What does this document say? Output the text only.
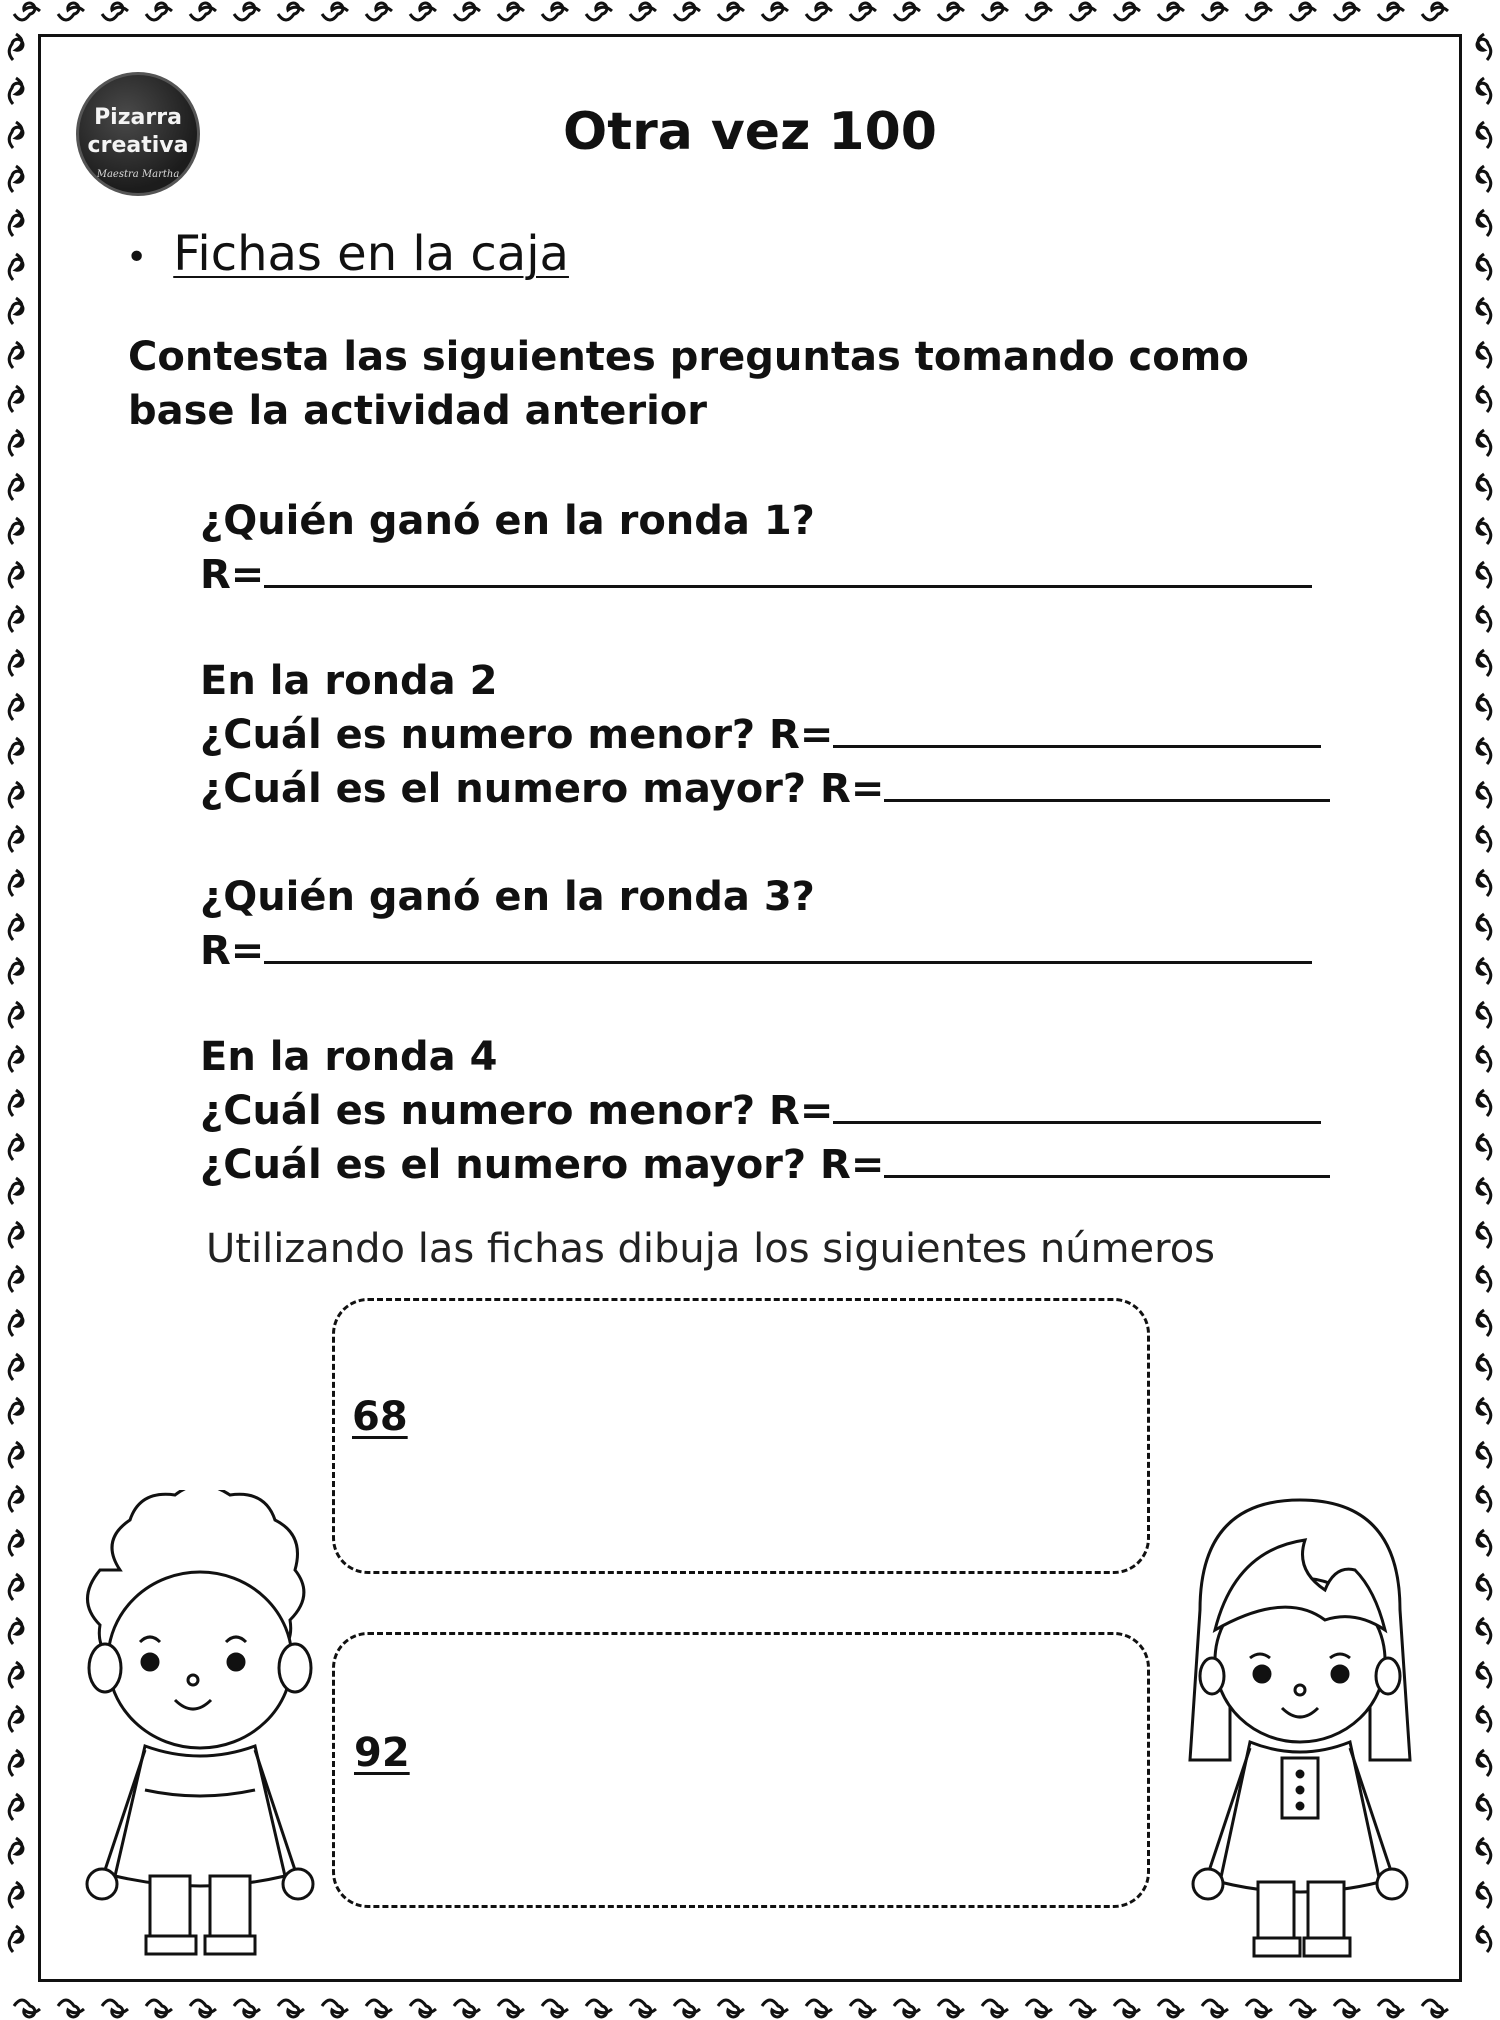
Pizarra
creativa
Maestra Martha
Otra vez 100
• Fichas en la caja
Contesta las siguientes preguntas tomando como base la actividad anterior
¿Quién ganó en la ronda 1?
R=
En la ronda 2
¿Cuál es numero menor? R=
¿Cuál es el numero mayor? R=
¿Quién ganó en la ronda 3?
R=
En la ronda 4
¿Cuál es numero menor? R=
¿Cuál es el numero mayor? R=
Utilizando las fichas dibuja los siguientes números
68
92
